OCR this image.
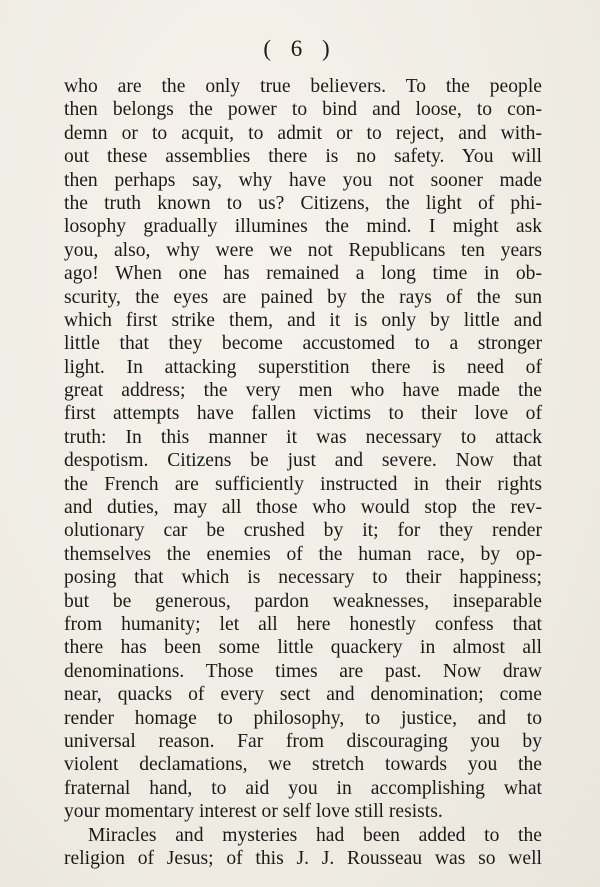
( 6 )
who are the only true believers. To the people
then belongs the power to bind and loose, to con-
demn or to acquit, to admit or to reject, and with-
out these assemblies there is no safety. You will
then perhaps say, why have you not sooner made
the truth known to us? Citizens, the light of phi-
losophy gradually illumines the mind. I might ask
you, also, why were we not Republicans ten years
ago! When one has remained a long time in ob-
scurity, the eyes are pained by the rays of the sun
which first strike them, and it is only by little and
little that they become accustomed to a stronger
light. In attacking superstition there is need of
great address; the very men who have made the
first attempts have fallen victims to their love of
truth: In this manner it was necessary to attack
despotism. Citizens be just and severe. Now that
the French are sufficiently instructed in their rights
and duties, may all those who would stop the rev-
olutionary car be crushed by it; for they render
themselves the enemies of the human race, by op-
posing that which is necessary to their happiness;
but be generous, pardon weaknesses, inseparable
from humanity; let all here honestly confess that
there has been some little quackery in almost all
denominations. Those times are past. Now draw
near, quacks of every sect and denomination; come
render homage to philosophy, to justice, and to
universal reason. Far from discouraging you by
violent declamations, we stretch towards you the
fraternal hand, to aid you in accomplishing what
your momentary interest or self love still resists.
Miracles and mysteries had been added to the
religion of Jesus; of this J. J. Rousseau was so well
